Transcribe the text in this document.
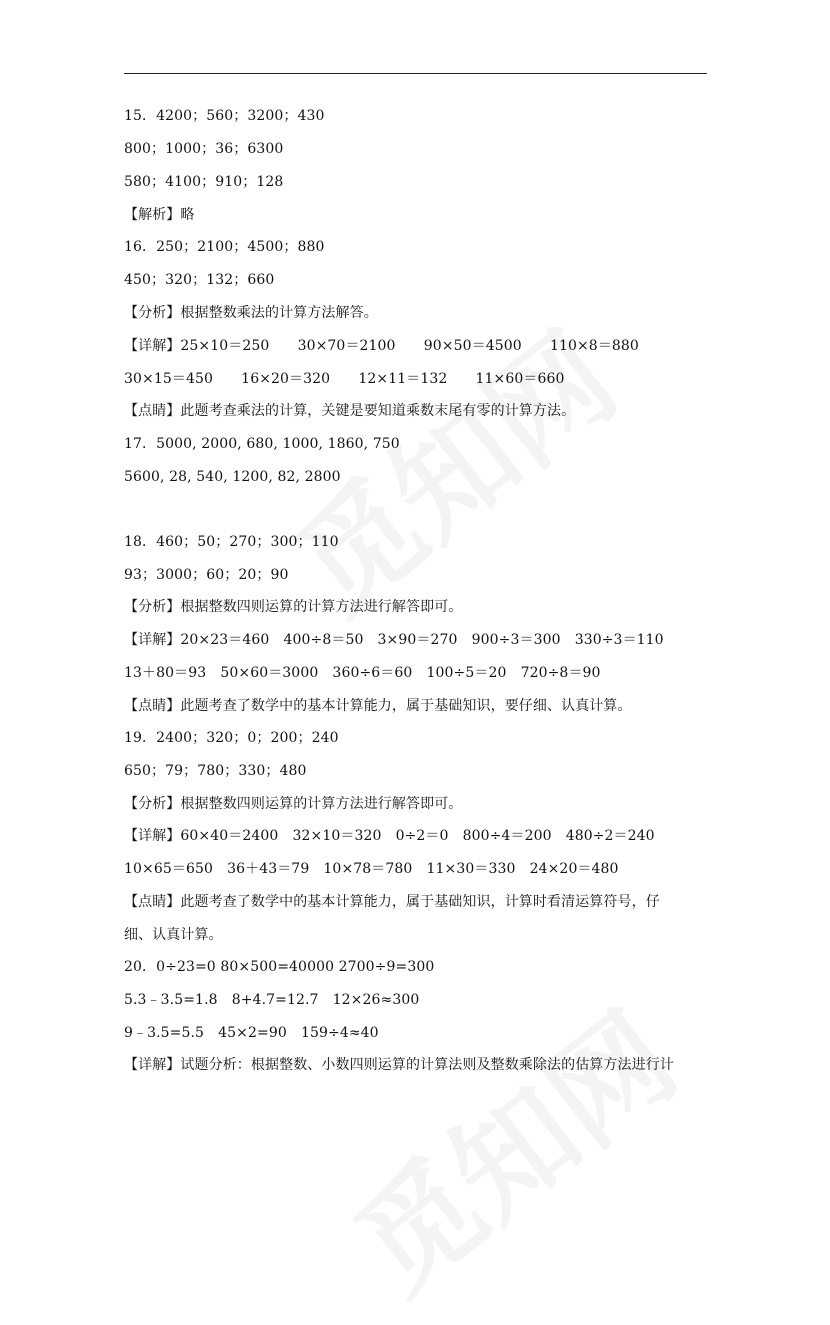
15．4200；560；3200；430
800；1000；36；6300
580；4100；910；128
【解析】略
16．250；2100；4500；880
450；320；132；660
【分析】根据整数乘法的计算方法解答。
【详解】25×10＝250　　30×70＝2100　　90×50＝4500　　110×8＝880
30×15＝450　　16×20＝320　　12×11＝132　　11×60＝660
【点睛】此题考查乘法的计算，关键是要知道乘数末尾有零的计算方法。
17．5000, 2000, 680, 1000, 1860, 750
5600, 28, 540, 1200, 82, 2800
18．460；50；270；300；110
93；3000；60；20；90
【分析】根据整数四则运算的计算方法进行解答即可。
【详解】20×23＝460　400÷8＝50　3×90＝270　900÷3＝300　330÷3＝110
13＋80＝93　50×60＝3000　360÷6＝60　100÷5＝20　720÷8＝90
【点睛】此题考查了数学中的基本计算能力，属于基础知识，要仔细、认真计算。
19．2400；320；0；200；240
650；79；780；330；480
【分析】根据整数四则运算的计算方法进行解答即可。
【详解】60×40＝2400　32×10＝320　0÷2＝0　800÷4＝200　480÷2＝240
10×65＝650　36＋43＝79　10×78＝780　11×30＝330　24×20＝480
【点睛】此题考查了数学中的基本计算能力，属于基础知识，计算时看清运算符号，仔
细、认真计算。
20．0÷23=0 80×500=40000 2700÷9=300
5.3﹣3.5=1.8　8+4.7=12.7　12×26≈300
9﹣3.5=5.5　45×2=90　159÷4≈40
【详解】试题分析：根据整数、小数四则运算的计算法则及整数乘除法的估算方法进行计
